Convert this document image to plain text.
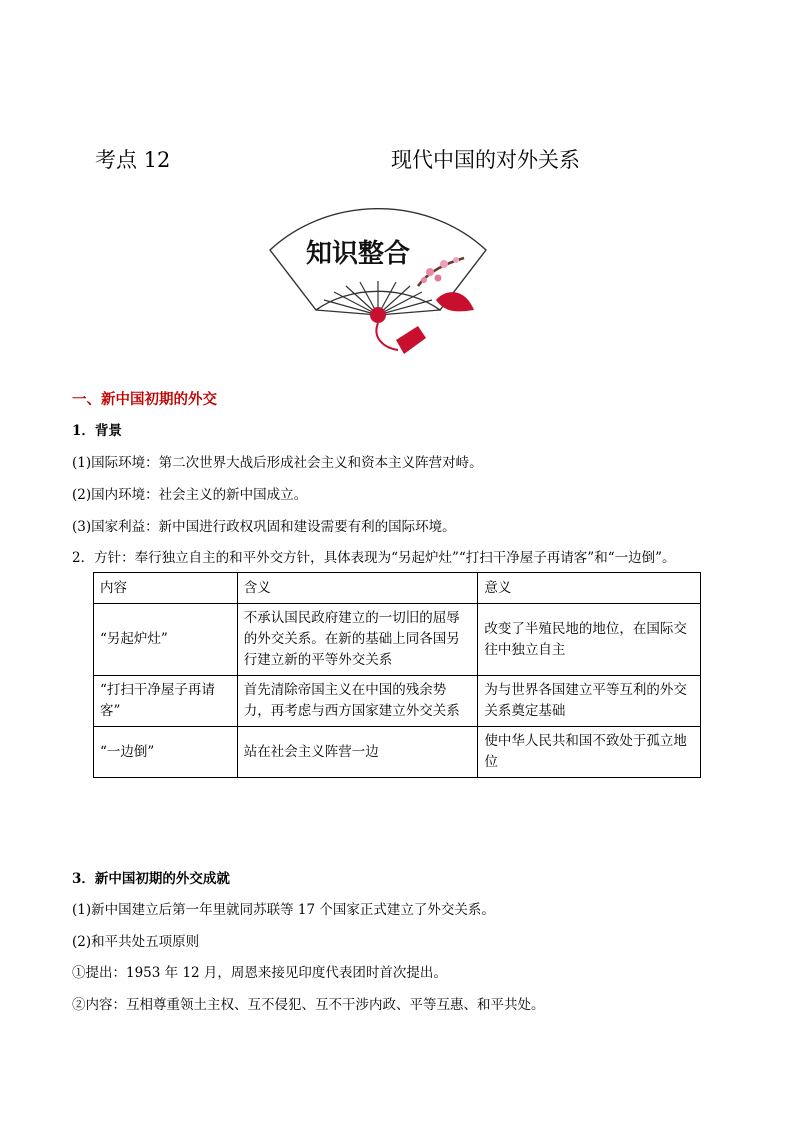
考点 12	现代中国的对外关系
知识整合
一、新中国初期的外交
1．背景
(1)国际环境：第二次世界大战后形成社会主义和资本主义阵营对峙。
(2)国内环境：社会主义的新中国成立。
(3)国家利益：新中国进行政权巩固和建设需要有利的国际环境。
2．方针：奉行独立自主的和平外交方针，具体表现为“另起炉灶”“打扫干净屋子再请客”和“一边倒”。
内容	含义	意义
“另起炉灶”	不承认国民政府建立的一切旧的屈辱的外交关系。在新的基础上同各国另行建立新的平等外交关系	改变了半殖民地的地位，在国际交往中独立自主
“打扫干净屋子再请客”	首先清除帝国主义在中国的残余势力，再考虑与西方国家建立外交关系	为与世界各国建立平等互利的外交关系奠定基础
“一边倒”	站在社会主义阵营一边	使中华人民共和国不致处于孤立地位
3．新中国初期的外交成就
(1)新中国建立后第一年里就同苏联等 17 个国家正式建立了外交关系。
(2)和平共处五项原则
①提出：1953 年 12 月，周恩来接见印度代表团时首次提出。
②内容：互相尊重领土主权、互不侵犯、互不干涉内政、平等互惠、和平共处。
